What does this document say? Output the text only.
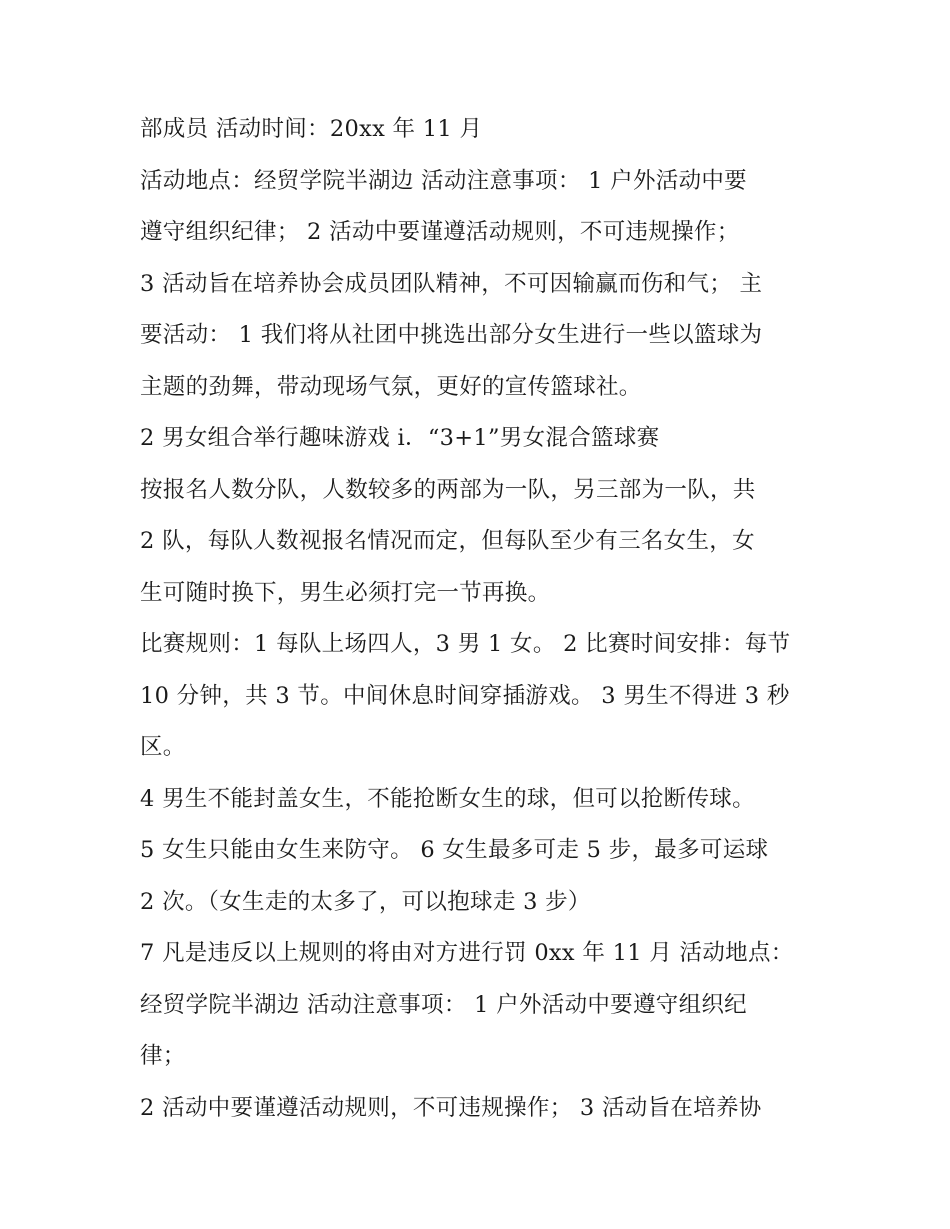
部成员 活动时间：20xx 年 11 月
活动地点：经贸学院半湖边 活动注意事项： 1 户外活动中要
遵守组织纪律； 2 活动中要谨遵活动规则，不可违规操作；
3 活动旨在培养协会成员团队精神，不可因输赢而伤和气； 主
要活动： 1 我们将从社团中挑选出部分女生进行一些以篮球为
主题的劲舞，带动现场气氛，更好的宣传篮球社。
2 男女组合举行趣味游戏 i．“3+1”男女混合篮球赛
按报名人数分队，人数较多的两部为一队，另三部为一队，共
2 队，每队人数视报名情况而定，但每队至少有三名女生，女
生可随时换下，男生必须打完一节再换。
比赛规则：1 每队上场四人，3 男 1 女。 2 比赛时间安排：每节
10 分钟，共 3 节。中间休息时间穿插游戏。 3 男生不得进 3 秒
区。
4 男生不能封盖女生，不能抢断女生的球，但可以抢断传球。
5 女生只能由女生来防守。 6 女生最多可走 5 步，最多可运球
2 次。（女生走的太多了，可以抱球走 3 步）
7 凡是违反以上规则的将由对方进行罚 0xx 年 11 月 活动地点：
经贸学院半湖边 活动注意事项： 1 户外活动中要遵守组织纪
律；
2 活动中要谨遵活动规则，不可违规操作； 3 活动旨在培养协
